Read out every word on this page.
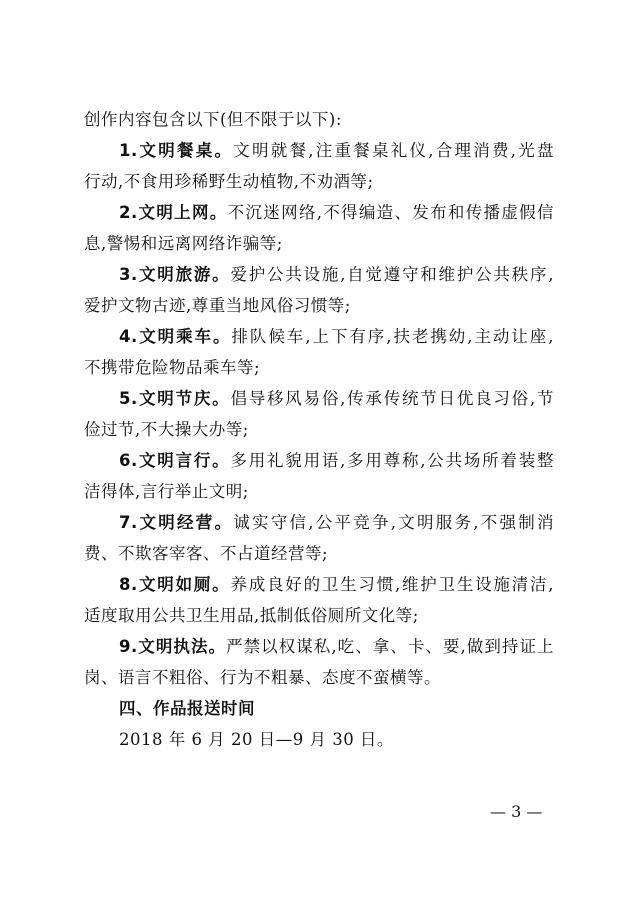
创作内容包含以下(但不限于以下):
1.文明餐桌。文明就餐,注重餐桌礼仪,合理消费,光盘
行动,不食用珍稀野生动植物,不劝酒等;
2.文明上网。不沉迷网络,不得编造、发布和传播虚假信
息,警惕和远离网络诈骗等;
3.文明旅游。爱护公共设施,自觉遵守和维护公共秩序,
爱护文物古迹,尊重当地风俗习惯等;
4.文明乘车。排队候车,上下有序,扶老携幼,主动让座,
不携带危险物品乘车等;
5.文明节庆。倡导移风易俗,传承传统节日优良习俗,节
俭过节,不大操大办等;
6.文明言行。多用礼貌用语,多用尊称,公共场所着装整
洁得体,言行举止文明;
7.文明经营。诚实守信,公平竞争,文明服务,不强制消
费、不欺客宰客、不占道经营等;
8.文明如厕。养成良好的卫生习惯,维护卫生设施清洁,
适度取用公共卫生用品,抵制低俗厕所文化等;
9.文明执法。严禁以权谋私,吃、拿、卡、要,做到持证上
岗、语言不粗俗、行为不粗暴、态度不蛮横等。
四、作品报送时间
2018 年 6 月 20 日—9 月 30 日。
— 3 —
